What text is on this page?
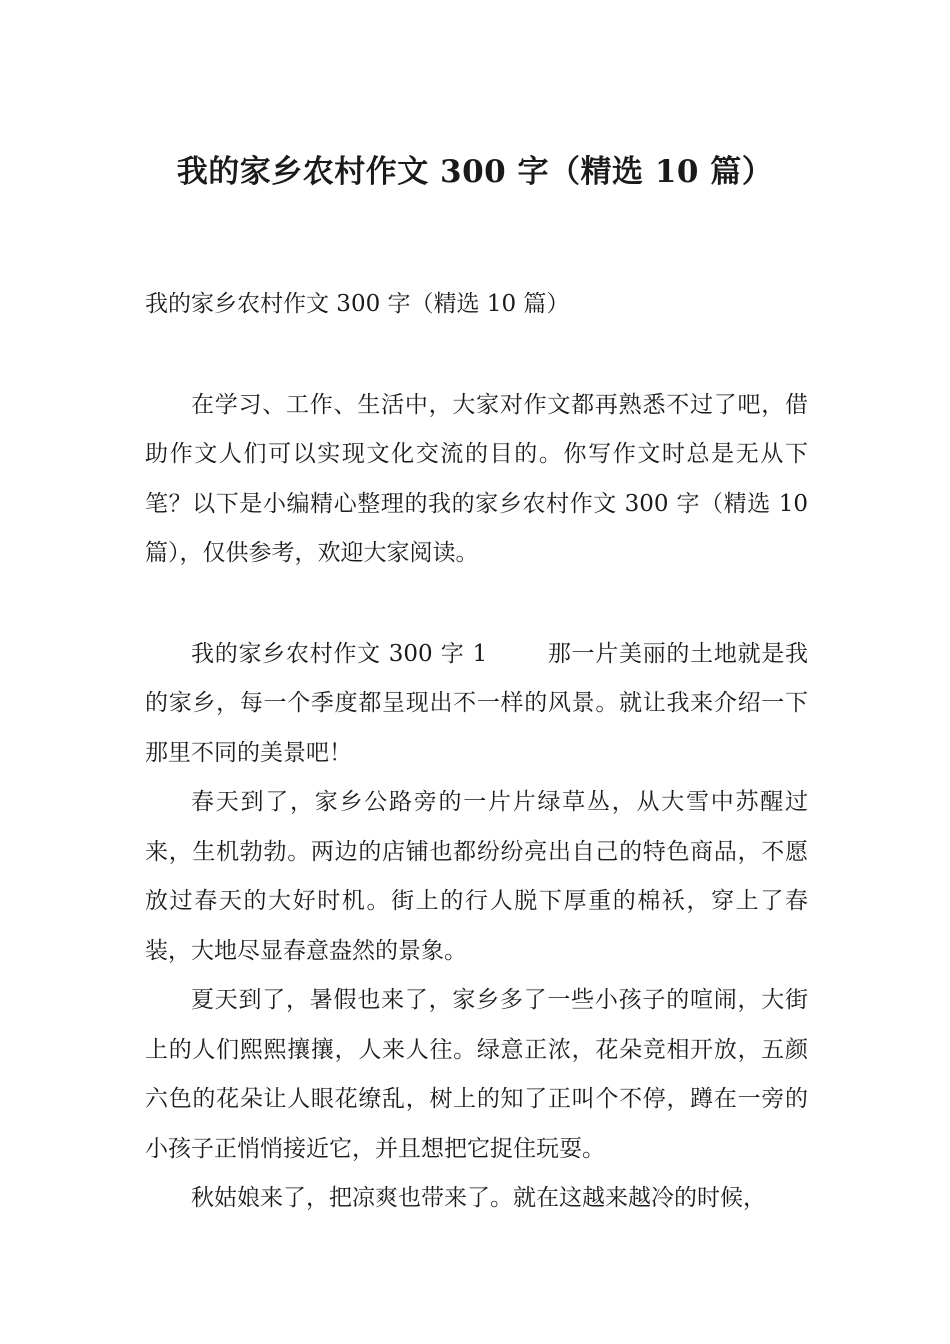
我的家乡农村作文 300 字（精选 10 篇）

我的家乡农村作文 300 字（精选 10 篇）

在学习、工作、生活中，大家对作文都再熟悉不过了吧，借助作文人们可以实现文化交流的目的。你写作文时总是无从下笔？以下是小编精心整理的我的家乡农村作文 300 字（精选 10 篇），仅供参考，欢迎大家阅读。

我的家乡农村作文 300 字 1	那一片美丽的土地就是我的家乡，每一个季度都呈现出不一样的风景。就让我来介绍一下那里不同的美景吧！

春天到了，家乡公路旁的一片片绿草丛，从大雪中苏醒过来，生机勃勃。两边的店铺也都纷纷亮出自己的特色商品，不愿放过春天的大好时机。街上的行人脱下厚重的棉袄，穿上了春装，大地尽显春意盎然的景象。

夏天到了，暑假也来了，家乡多了一些小孩子的喧闹，大街上的人们熙熙攘攘，人来人往。绿意正浓，花朵竞相开放，五颜六色的花朵让人眼花缭乱，树上的知了正叫个不停，蹲在一旁的小孩子正悄悄接近它，并且想把它捉住玩耍。

秋姑娘来了，把凉爽也带来了。就在这越来越冷的时候，
